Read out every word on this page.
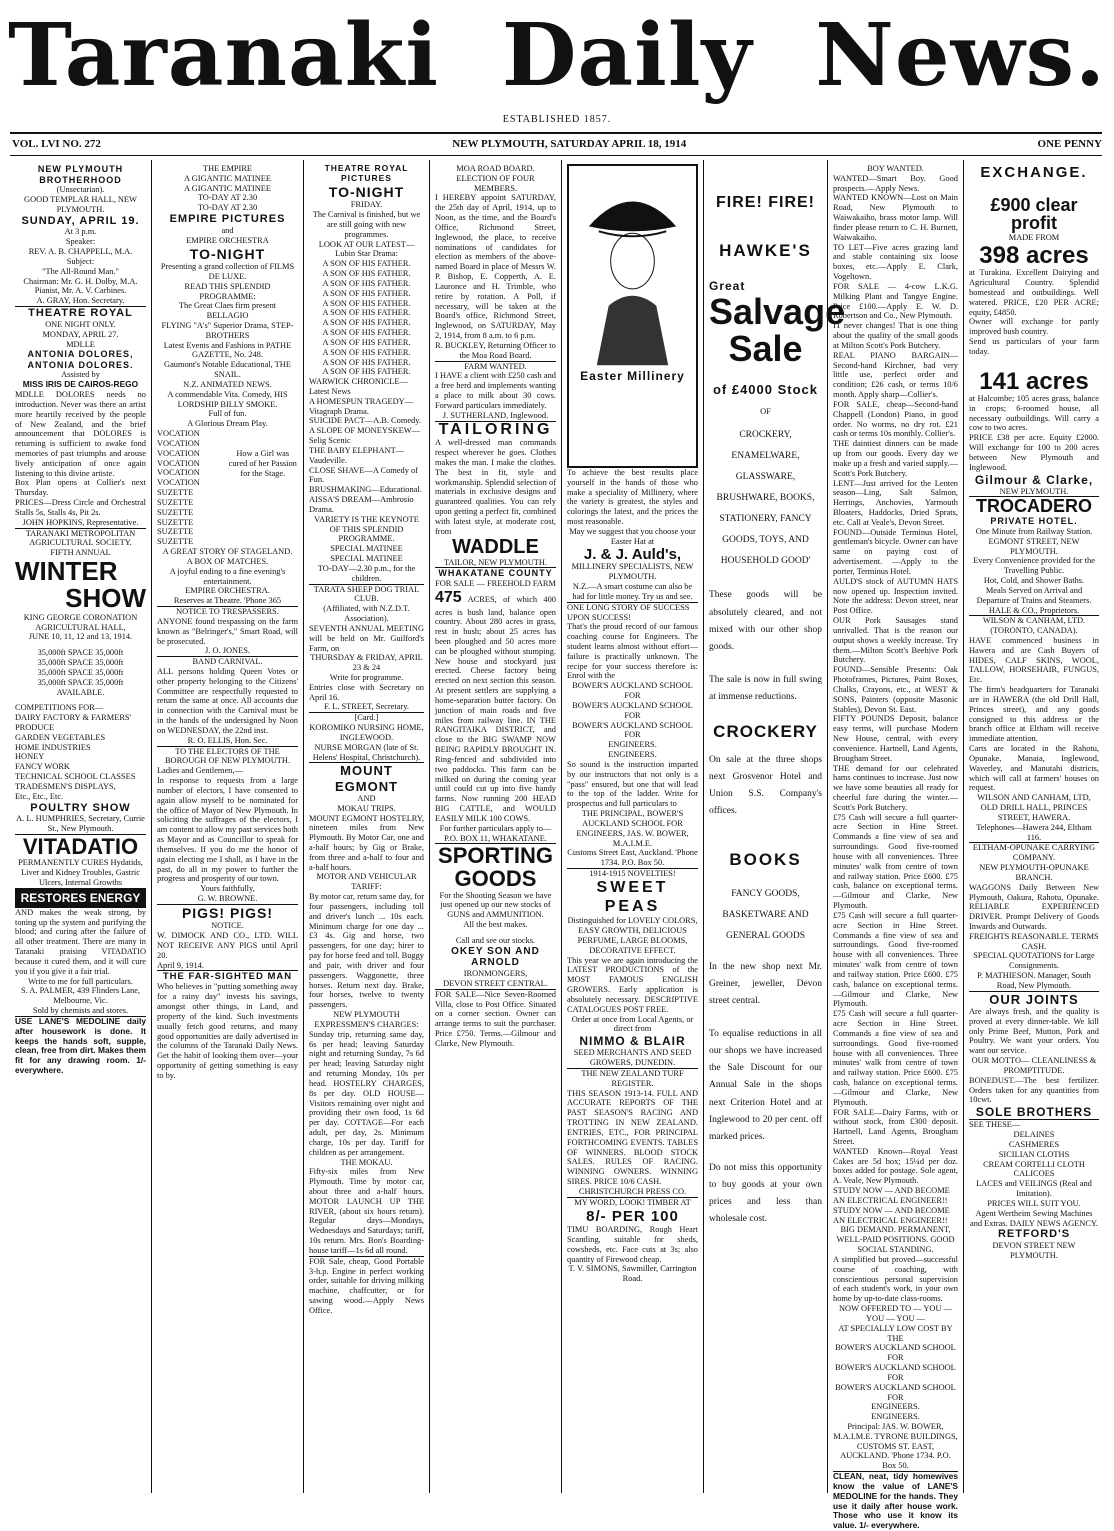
Taranaki Daily News.
ESTABLISHED 1857.
VOL. LVI NO. 272	NEW PLYMOUTH, SATURDAY APRIL 18, 1914	ONE PENNY
NEW PLYMOUTH BROTHERHOOD
(Unsectarian).
GOOD TEMPLAR HALL, NEW PLYMOUTH.
SUNDAY, APRIL 19.
At 3 p.m.
Speaker:
REV. A. B. CHAPPELL, M.A.
Subject:
"The All-Round Man."
Chairman: Mr. G. H. Dolby, M.A.
Pianist, Mr. A. V. Carbines.
A. GRAY, Hon. Secretary.
THEATRE ROYAL
ONE NIGHT ONLY.
MONDAY, APRIL 27.
MDLLE
ANTONIA DOLORES,
ANTONIA DOLORES.
Assisted by
MISS IRIS DE CAIROS-REGO
MDLLE DOLORES needs no introduction. Never was there an artist more heartily received by the people of New Zealand, and the brief announcement that DOLORES is returning is sufficient to awake fond memories of past triumphs and arouse lively anticipation of once again listening to this divine artiste.
Box Plan opens at Collier's next Thursday.
PRICES—Dress Circle and Orchestral Stalls 5s, Stalls 4s, Pit 2s.
JOHN HOPKINS, Representative.
TARANAKI METROPOLITAN AGRICULTURAL SOCIETY.
FIFTH ANNUAL
WINTER
SHOW
KING GEORGE CORONATION AGRICULTURAL HALL,
JUNE 10, 11, 12 and 13, 1914.
35,000ft SPACE 35,000ft
35,000ft SPACE 35,000ft
35,000ft SPACE 35,000ft
35,000ft SPACE 35,000ft
AVAILABLE.
COMPETITIONS FOR—
DAIRY FACTORY & FARMERS' PRODUCE
GARDEN VEGETABLES
HOME INDUSTRIES
HONEY
FANCY WORK
TECHNICAL SCHOOL CLASSES
TRADESMEN'S DISPLAYS,
Etc., Etc., Etc.
POULTRY SHOW
A. L. HUMPHRIES, Secretary, Currie St., New Plymouth.
VITADATIO
PERMANENTLY CURES Hydatids, Liver and Kidney Troubles, Gastric Ulcers, Internal Growths
RESTORES ENERGY
AND makes the weak strong, by toning up the system and purifying the blood; and curing after the failure of all other treatment. There are many in Taranaki praising VITADATIO because it cured them, and it will cure you if you give it a fair trial.
Write to me for full particulars.
S. A. PALMER, 439 Flinders Lane, Melbourne, Vic.
Sold by chemists and stores.
USE LANE'S MEDOLINE daily after housework is done. It keeps the hands soft, supple, clean, free from dirt. Makes them fit for any drawing room. 1/- everywhere.
THE EMPIRE
A GIGANTIC MATINEE
A GIGANTIC MATINEE
TO-DAY AT 2.30
TO-DAY AT 2.30
EMPIRE PICTURES
and
EMPIRE ORCHESTRA
TO-NIGHT
Presenting a grand collection of FILMS DE LUXE.
READ THIS SPLENDID PROGRAMME:
The Great Claes firm present BELLAGIO
FLYING "A's" Superior Drama, STEP-BROTHERS
Latest Events and Fashions in PATHE GAZETTE, No. 248.
Gaumont's Notable Educational, THE SNAIL.
N.Z. ANIMATED NEWS.
A commendable Vita. Comedy, HIS LORDSHIP BILLY SMOKE.
Full of fun.
A Glorious Dream Play.
VOCATION
VOCATION
VOCATION
VOCATION
VOCATION
VOCATION
SUZETTE
SUZETTE
SUZETTE
SUZETTE
SUZETTE
SUZETTE
How a Girl was cured of her Passion for the Stage.
A GREAT STORY OF STAGELAND.
A BOX OF MATCHES.
A joyful ending to a fine evening's entertainment.
EMPIRE ORCHESTRA.
Reserves at Theatre. 'Phone 365
NOTICE TO TRESPASSERS.
ANYONE found trespassing on the farm known as "Belringer's," Smart Road, will be prosecuted.
J. O. JONES.
BAND CARNIVAL.
ALL persons holding Queen Votes or other property belonging to the Citizens' Committee are respectfully requested to return the same at once. All accounts due in connection with the Carnival must be in the hands of the undersigned by Noon on WEDNESDAY, the 22nd inst.
R. O. ELLIS, Hon. Sec.
TO THE ELECTORS OF THE BOROUGH OF NEW PLYMOUTH.
Ladies and Gentlemen,—
In response to requests from a large number of electors, I have consented to again allow myself to be nominated for the office of Mayor of New Plymouth. In soliciting the suffrages of the electors, I am content to allow my past services both as Mayor and as Councillor to speak for themselves. If you do me the honor of again electing me I shall, as I have in the past, do all in my power to further the progress and prosperity of our town.
Yours faithfully,
G. W. BROWNE.
PIGS! PIGS!
NOTICE.
W. DIMOCK AND CO., LTD. WILL NOT RECEIVE ANY PIGS until April 20.
April 9, 1914.
THE FAR-SIGHTED MAN
Who believes in "putting something away for a rainy day" invests his savings, amongst other things, in Land, and property of the kind. Such investments usually fetch good returns, and many good opportunities are daily advertised in the columns of the Taranaki Daily News. Get the habit of looking them over—your opportunity of getting something is easy to by.
THEATRE ROYAL PICTURES
TO-NIGHT
FRIDAY.
The Carnival is finished, but we are still going with new programmes.
LOOK AT OUR LATEST—
Lubin Star Drama:
A SON OF HIS FATHER.
A SON OF HIS FATHER.
A SON OF HIS FATHER.
A SON OF HIS FATHER.
A SON OF HIS FATHER.
A SON OF HIS FATHER.
A SON OF HIS FATHER.
A SON OF HIS FATHER.
A SON OF HIS FATHER.
A SON OF HIS FATHER.
A SON OF HIS FATHER.
A SON OF HIS FATHER.
WARWICK CHRONICLE—Latest News
A HOMESPUN TRAGEDY—Vitagraph Drama.
SUICIDE PACT—A.B. Comedy.
A SLOPE OF MONEYSKEW—Selig Scenic
THE BABY ELEPHANT—Vaudeville.
CLOSE SHAVE—A Comedy of Fun.
BRUSHMAKING—Educational.
AISSA'S DREAM—Ambrosio Drama.
VARIETY IS THE KEYNOTE OF THIS SPLENDID PROGRAMME.
SPECIAL MATINEE
SPECIAL MATINEE
TO-DAY—2.30 p.m., for the children.
TARATA SHEEP DOG TRIAL CLUB.
(Affiliated, with N.Z.D.T. Association).
SEVENTH ANNUAL MEETING will be held on Mr. Guilford's Farm, on
THURSDAY & FRIDAY, APRIL 23 & 24
Write for programme.
Entries close with Secretary on April 16.
F. L. STREET, Secretary.
[Card.]
KOROMIKO NURSING HOME, INGLEWOOD.
NURSE MORGAN (late of St. Helens' Hospital, Christchurch).
MOUNT EGMONT
AND
MOKAU TRIPS.
MOUNT EGMONT HOSTELRY, nineteen miles from New Plymouth. By Motor Car, one and a-half hours; by Gig or Brake, from three and a-half to four and a-half hours.
MOTOR AND VEHICULAR TARIFF:
By motor car, return same day, for four passengers, including toll and driver's lunch ... 10s each. Minimum charge for one day ... £3 4s. Gig and horse, two passengers, for one day; hirer to pay for horse feed and toll. Buggy and pair, with driver and four passengers. Waggonette, three horses. Return next day. Brake, four horses, twelve to twenty passengers.
NEW PLYMOUTH EXPRESSMEN'S CHARGES:
Sunday trip, returning same day, 6s per head; leaving Saturday night and returning Sunday, 7s 6d per head; leaving Saturday night and returning Monday, 10s per head. HOSTELRY CHARGES, 8s per day. OLD HOUSE—Visitors remaining over night and providing their own food, 1s 6d per day. COTTAGE—For each adult, per day, 2s. Minimum charge, 10s per day. Tariff for children as per arrangement.
THE MOKAU.
Fifty-six miles from New Plymouth. Time by motor car, about three and a-half hours. MOTOR LAUNCH UP THE RIVER, (about six hours return). Regular days—Mondays, Wednesdays and Saturdays; tariff, 10s return. Mrs. Bon's Boarding-house tariff—1s 6d all round.
FOR Sale, cheap, Good Portable 3-h.p. Engine in perfect working order, suitable for driving milking machine, chaffcutter, or for sawing wood.—Apply News Office.
MOA ROAD BOARD.
ELECTION OF FOUR MEMBERS.
I HEREBY appoint SATURDAY, the 25th day of April, 1914, up to Noon, as the time, and the Board's Office, Richmond Street, Inglewood, the place, to receive nominations of candidates for election as members of the above-named Board in place of Messrs W. P. Bishop, E. Copperth, A. E. Lauronce and H. Trimble, who retire by rotation. A Poll, if necessary, will be taken at the Board's office, Richmond Street, Inglewood, on SATURDAY, May 2, 1914, from 8 a.m. to 6 p.m.
R. BUCKLEY, Returning Officer to the Moa Road Board.
FARM WANTED.
I HAVE a client with £250 cash and a free herd and implements wanting a place to milk about 30 cows. Forward particulars immediately.
J. SUTHERLAND, Inglewood.
TAILORING
A well-dressed man commands respect wherever he goes. Clothes makes the man. I make the clothes. The best in fit, style and workmanship. Splendid selection of materials in exclusive designs and guaranteed qualities. You can rely upon getting a perfect fit, combined with latest style, at moderate cost, from
WADDLE
TAILOR, NEW PLYMOUTH.
WHAKATANE COUNTY
FOR SALE — FREEHOLD FARM
475 ACRES, of which 400 acres is bush land, balance open country. About 280 acres in grass, rest in bush; about 25 acres has been ploughed and 50 acres more can be ploughed without stumping. New house and stockyard just erected. Cheese factory being erected on next section this season. At present settlers are supplying a home-separation butter factory. On junction of main roads and five miles from railway line. IN THE RANGITAIKA DISTRICT, and close to the BIG SWAMP NOW BEING RAPIDLY BROUGHT IN. Ring-fenced and subdivided into two paddocks. This farm can be milked on during the coming year until could cut up into five handy farms. Now running 200 HEAD BIG CATTLE, and WOULD EASILY MILK 100 COWS.
For further particulars apply to— P.O. BOX 11, WHAKATANE.
SPORTING GOODS
For the Shooting Season we have just opened up our new stocks of
GUNS and AMMUNITION.
All the best makes.
Call and see our stocks.
OKEY SON AND ARNOLD
IRONMONGERS,
DEVON STREET CENTRAL.
FOR SALE—Nice Seven-Roomed Villa, close to Post Office. Situated on a corner section. Owner can arrange terms to suit the purchaser. Price £750. Terms.—Gilmour and Clarke, New Plymouth.
Easter Millinery
To achieve the best results place yourself in the hands of those who make a speciality of Millinery, where the variety is greatest, the styles and colorings the latest, and the prices the most reasonable.
May we suggest that you choose your Easter Hat at
J. & J. Auld's,
MILLINERY SPECIALISTS, NEW PLYMOUTH.
N.Z.—A smart costume can also be had for little money. Try us and see.
ONE LONG STORY OF SUCCESS UPON SUCCESS!
That's the proud record of our famous coaching course for Engineers. The student learns almost without effort—failure is practically unknown. The recipe for your success therefore is: Enrol with the
BOWER'S AUCKLAND SCHOOL FOR
BOWER'S AUCKLAND SCHOOL FOR
BOWER'S AUCKLAND SCHOOL FOR
ENGINEERS.
ENGINEERS.
So sound is the instruction imparted by our instructors that not only is a "pass" ensured, but one that will lead to the top of the ladder. Write for prospectus and full particulars to
THE PRINCIPAL, BOWER'S AUCKLAND SCHOOL FOR ENGINEERS, JAS. W. BOWER, M.A.I.M.E.
Customs Street East, Auckland. 'Phone 1734. P.O. Box 50.
1914-1915 NOVELTIES!
SWEET PEAS
Distinguished for LOVELY COLORS, EASY GROWTH, DELICIOUS PERFUME, LARGE BLOOMS, DECORATIVE EFFECT.
This year we are again introducing the LATEST PRODUCTIONS of the MOST FAMOUS ENGLISH GROWERS. Early application is absolutely necessary. DESCRIPTIVE CATALOGUES POST FREE.
Order at once from Local Agents, or direct from
NIMMO & BLAIR
SEED MERCHANTS AND SEED GROWERS, DUNEDIN.
THE NEW ZEALAND TURF REGISTER.
THIS SEASON 1913-14. FULL AND ACCURATE REPORTS OF THE PAST SEASON'S RACING AND TROTTING IN NEW ZEALAND. ENTRIES, ETC., FOR PRINCIPAL FORTHCOMING EVENTS. TABLES OF WINNERS. BLOOD STOCK SALES. RULES OF RACING. WINNING OWNERS. WINNING SIRES. PRICE 10/6 CASH.
CHRISTCHURCH PRESS CO.
MY WORD, LOOK! TIMBER AT
8/- PER 100
TIMU BOARDING, Rough Heart Scantling, suitable for sheds, cowsheds, etc. Face cuts at 3s; also quantity of Firewood cheap.
T. V. SIMONS, Sawmiller, Carrington Road.
FIRE! FIRE!
HAWKE'S
Great
Salvage
Sale
of £4000 Stock
OF
CROCKERY, ENAMELWARE, GLASSWARE, BRUSHWARE, BOOKS, STATIONERY, FANCY GOODS, TOYS, AND HOUSEHOLD GOOD'
These goods will be absolutely cleared, and not mixed with our other shop goods.
The sale is now in full swing at immense reductions.
CROCKERY
On sale at the three shops next Grosvenor Hotel and Union S.S. Company's offices.
BOOKS
FANCY GOODS, BASKETWARE AND GENERAL GOODS
In the new shop next Mr. Greiner, jeweller, Devon street central.
To equalise reductions in all our shops we have increased the Sale Discount for our Annual Sale in the shops next Criterion Hotel and at Inglewood to 20 per cent. off marked prices.
Do not miss this opportunity to buy goods at your own prices and less than wholesale cost.
BOY WANTED.
WANTED—Smart Boy. Good prospects.—Apply News.
WANTED KNOWN—Lost on Main Road, New Plymouth to Waiwakaiho, brass motor lamp. Will finder please return to C. H. Burnett, Waiwakaiho.
TO LET—Five acres grazing land and stable containing six loose boxes, etc.—Apply E. Clark, Vogeltown.
FOR SALE — 4-cow L.K.G. Milking Plant and Tangye Engine. Price £100.—Apply E. W. D. Robertson and Co., New Plymouth.
IT never changes! That is one thing about the quality of the small goods at Milton Scott's Pork Butchery.
REAL PIANO BARGAIN—Second-hand Kirchner, bad very little use, perfect order and condition; £26 cash, or terms 10/6 month. Apply sharp—Collier's.
FOR SALE, cheap—Second-hand Chappell (London) Piano, in good order. No worms, no dry rot. £21 cash or terms 10s monthly. Collier's.
THE daintiest dinners can be made up from our goods. Every day we make up a fresh and varied supply.—Scott's Pork Butchery.
LENT—Just arrived for the Lenten season—Ling, Salt Salmon, Herrings, Anchovies, Yarmouth Bloaters, Haddocks, Dried Sprats, etc. Call at Veale's, Devon Street.
FOUND—Outside Terminus Hotel, gentleman's bicycle. Owner can have same on paying cost of advertisement. —Apply to the porter, Terminus Hotel.
AULD'S stock of AUTUMN HATS now opened up. Inspection invited. Note the address: Devon street, near Post Office.
OUR Pork Sausages stand unrivalled. That is the reason our output shows a weekly increase. Try them.—Milton Scott's Beehive Pork Butchery.
FOUND—Sensible Presents: Oak Photoframes, Pictures, Paint Boxes, Chalks, Crayons, etc., at WEST & SONS, Painters (opposite Masonic Stables), Devon St. East.
FIFTY POUNDS Deposit, balance easy terms, will purchase Modern New House, central, with every convenience. Hartnell, Land Agents, Brougham Street.
THE demand for our celebrated hams continues to increase. Just now we have some beauties all ready for cheerful fare during the winter.—Scott's Pork Butchery.
£75 Cash will secure a full quarter-acre Section in Hine Street. Commands a fine view of sea and surroundings. Good five-roomed house with all conveniences. Three minutes' walk from centre of town and railway station. Price £600. £75 cash, balance on exceptional terms.—Gilmour and Clarke, New Plymouth.
£75 Cash will secure a full quarter-acre Section in Hine Street. Commands a fine view of sea and surroundings. Good five-roomed house with all conveniences. Three minutes' walk from centre of town and railway station. Price £600. £75 cash, balance on exceptional terms.—Gilmour and Clarke, New Plymouth.
£75 Cash will secure a full quarter-acre Section in Hine Street. Commands a fine view of sea and surroundings. Good five-roomed house with all conveniences. Three minutes' walk from centre of town and railway station. Price £600. £75 cash, balance on exceptional terms.—Gilmour and Clarke, New Plymouth.
FOR SALE—Dairy Farms, with or without stock, from £300 deposit. Hartnell, Land Agents, Brougham Street.
WANTED Known—Royal Yeast Cakes are 5d box; 15¼d per doz. boxes added for postage. Sole agent, A. Veale, New Plymouth.
STUDY NOW — AND BECOME
AN ELECTRICAL ENGINEER!!
STUDY NOW — AND BECOME
AN ELECTRICAL ENGINEER!!
BIG DEMAND. PERMANENT, WELL-PAID POSITIONS. GOOD SOCIAL STANDING.
A simplified but proved—successful course of coaching, with conscientious personal supervision of each student's work, in your own home by up-to-date class-rooms.
NOW OFFERED TO — YOU — YOU — YOU —
AT SPECIALLY LOW COST BY THE
BOWER'S AUCKLAND SCHOOL FOR
BOWER'S AUCKLAND SCHOOL FOR
BOWER'S AUCKLAND SCHOOL FOR
ENGINEERS.
ENGINEERS.
Principal: JAS. W. BOWER, M.A.I.M.E. TYRONE BUILDINGS, CUSTOMS ST. EAST, AUCKLAND. 'Phone 1734. P.O. Box 50.
CLEAN, neat, tidy homewives know the value of LANE'S MEDOLINE for the hands. They use it daily after house work. Those who use it know its value. 1/- everywhere.
EXCHANGE.
£900 clear profit
MADE FROM
398 acres
at Turakina. Excellent Dairying and Agricultural Country. Splendid homestead and outbuildings. Well watered. PRICE, £20 PER ACRE; equity, £4850.
Owner will exchange for partly improved bush country.
Send us particulars of your farm today.
141 acres
at Halcombe; 105 acres grass, balance in crops; 6-roomed house, all necessary outbuildings. Will carry a cow to two acres.
PRICE £38 per acre. Equity £2000. Will exchange for 100 to 200 acres between New Plymouth and Inglewood.
Gilmour & Clarke,
NEW PLYMOUTH.
TROCADERO
PRIVATE HOTEL.
One Minute from Railway Station.
EGMONT STREET, NEW PLYMOUTH.
Every Convenience provided for the Travelling Public.
Hot, Cold, and Shower Baths.
Meals Served on Arrival and Departure of Trains and Steamers.
HALE & CO., Proprietors.
WILSON & CANHAM, LTD. (TORONTO, CANADA).
HAVE commenced business in Hawera and are Cash Buyers of HIDES, CALF SKINS, WOOL, TALLOW, HORSEHAIR, FUNGUS, Etc.
The firm's headquarters for Taranaki are in HAWERA (the old Drill Hall, Princes street), and any goods consigned to this address or the branch office at Eltham will receive immediate attention.
Carts are located in the Rahotu, Opunake, Manaia, Inglewood, Waverley, and Manutahi districts, which will call at farmers' houses on request.
WILSON AND CANHAM, LTD, OLD DRILL HALL, PRINCES STREET, HAWERA.
Telephones—Hawera 244, Eltham 116.
ELTHAM-OPUNAKE CARRYING COMPANY.
NEW PLYMOUTH-OPUNAKE BRANCH.
WAGGONS Daily Between New Plymouth, Oakura, Rahotu, Opunake. RELIABLE EXPERIENCED DRIVER. Prompt Delivery of Goods Inwards and Outwards.
FREIGHTS REASONABLE. TERMS CASH.
SPECIAL QUOTATIONS for Large Consignments.
P. MATHIESON. Manager, South Road, New Plymouth.
OUR JOINTS
Are always fresh, and the quality is proved at every dinner-table. We kill only Prime Beef, Mutton, Pork and Poultry. We want your orders. You want our service.
OUR MOTTO— CLEANLINESS & PROMPTITUDE.
BONEDUST.—The best fertilizer. Orders taken for any quantities from 10cwt.
SOLE BROTHERS
SEE THESE—
DELAINES
CASHMERES
SICILIAN CLOTHS
CREAM CORTELLI CLOTH
CALICOES
LACES and VEILINGS (Real and Imitation).
PRICES WILL SUIT YOU.
Agent Wertheim Sewing Machines and Extras. DAILY NEWS AGENCY.
RETFORD'S
DEVON STREET NEW PLYMOUTH.
